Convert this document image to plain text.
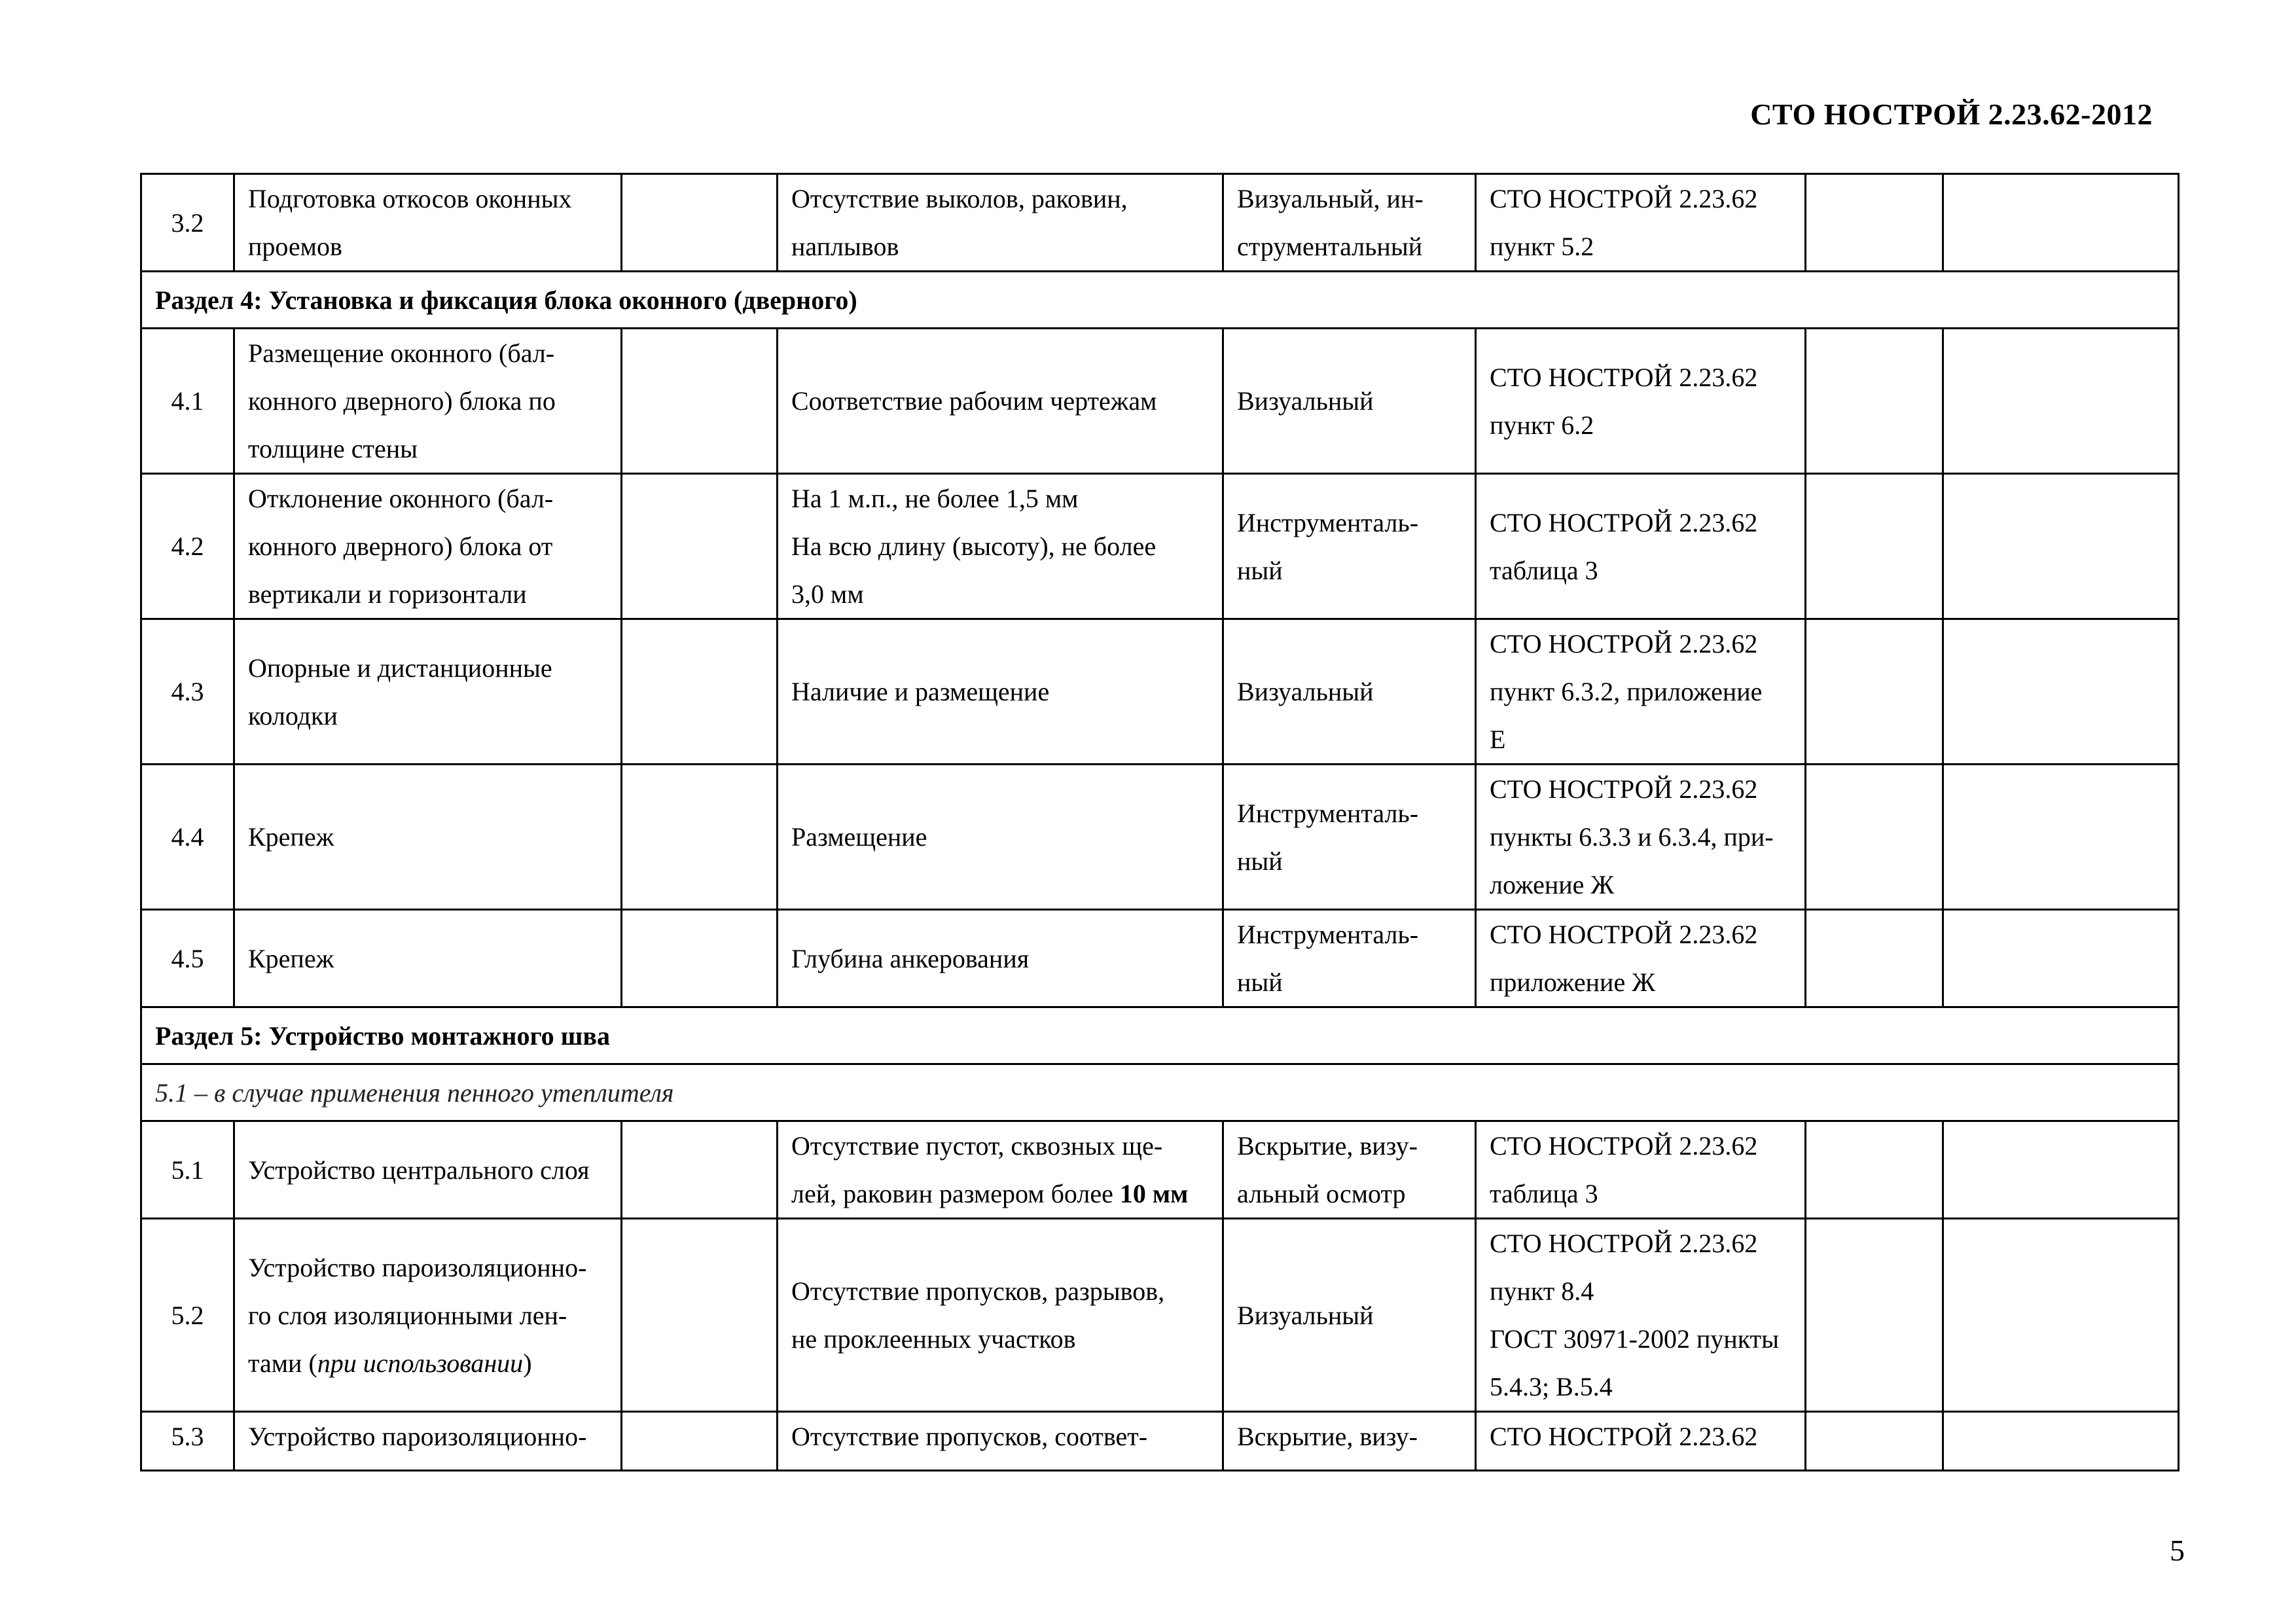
СТО НОСТРОЙ 2.23.62-2012
3.2	Подготовка откосов оконных
проемов		Отсутствие выколов, раковин,
наплывов	Визуальный, ин-
струментальный	СТО НОСТРОЙ 2.23.62
пункт 5.2		

Раздел 4: Установка и фиксация блока оконного (дверного)							
4.1	Размещение оконного (бал-
конного дверного) блока по
толщине стены		Соответствие рабочим чертежам	Визуальный	СТО НОСТРОЙ 2.23.62
пункт 6.2		

4.2	Отклонение оконного (бал-
конного дверного) блока от
вертикали и горизонтали		На 1 м.п., не более 1,5 мм
На всю длину (высоту), не более
3,0 мм	Инструменталь-
ный	СТО НОСТРОЙ 2.23.62
таблица 3		

4.3	Опорные и дистанционные
колодки		Наличие и размещение	Визуальный	СТО НОСТРОЙ 2.23.62
пункт 6.3.2, приложение
Е		

4.4	Крепеж		Размещение	Инструменталь-
ный	СТО НОСТРОЙ 2.23.62
пункты 6.3.3 и 6.3.4, при-
ложение Ж		

4.5	Крепеж		Глубина анкерования	Инструменталь-
ный	СТО НОСТРОЙ 2.23.62
приложение Ж		

Раздел 5: Устройство монтажного шва							
5.1 – в случае применения пенного утеплителя							
5.1	Устройство центрального слоя		Отсутствие пустот, сквозных ще-
лей, раковин размером более 10 мм	Вскрытие, визу-
альный осмотр	СТО НОСТРОЙ 2.23.62
таблица 3		

5.2	Устройство пароизоляционно-
го слоя изоляционными лен-
тами (при использовании)		Отсутствие пропусков, разрывов,
не проклеенных участков	Визуальный	СТО НОСТРОЙ 2.23.62
пункт 8.4
ГОСТ 30971-2002 пункты
5.4.3; В.5.4		

5.3	Устройство пароизоляционно-		Отсутствие пропусков, соответ-	Вскрытие, визу-	СТО НОСТРОЙ 2.23.62		

5
